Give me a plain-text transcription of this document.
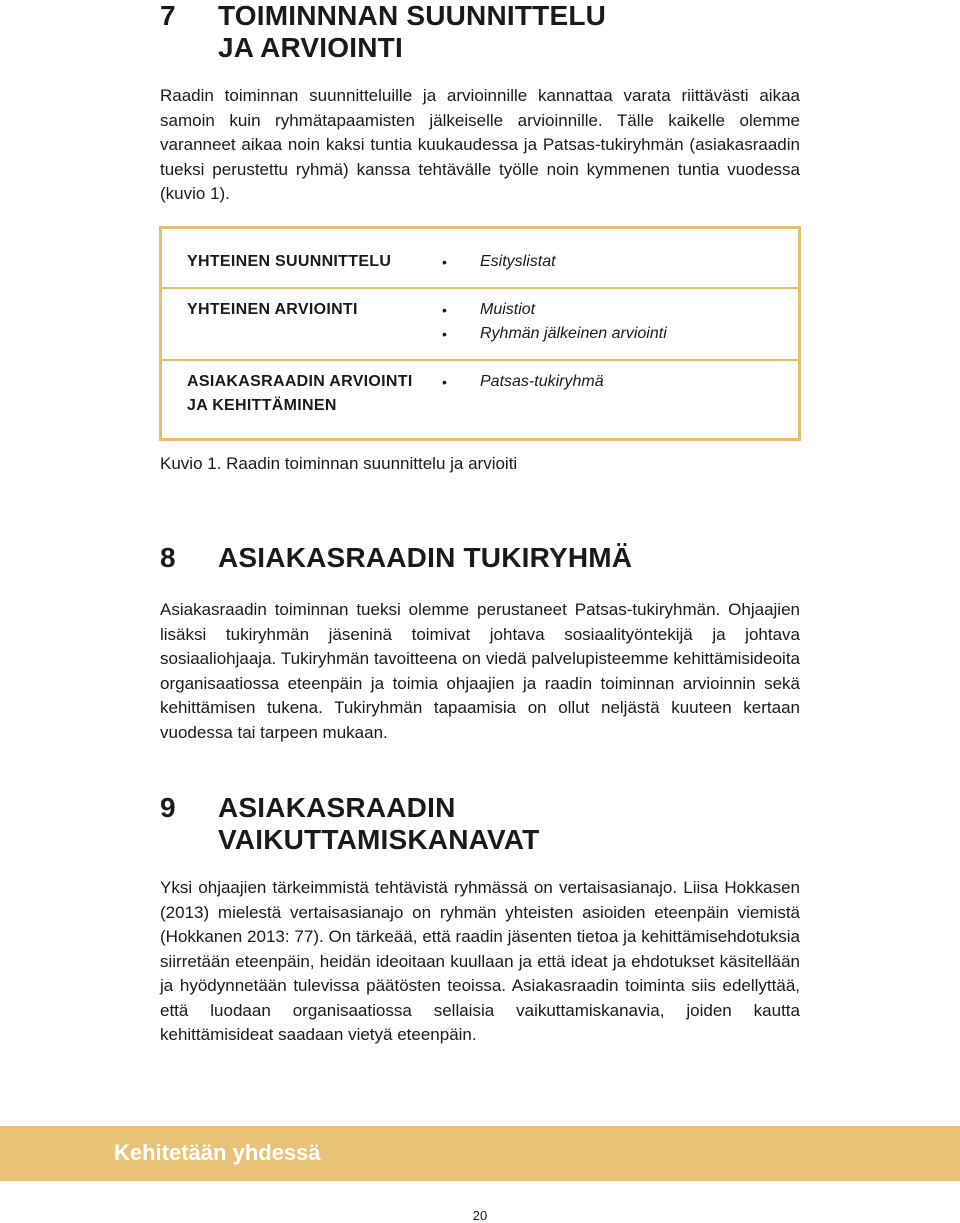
7 TOIMINNNAN SUUNNITTELU
JA ARVIOINTI

Raadin toiminnan suunnitteluille ja arvioinnille kannattaa varata riittävästi aikaa samoin kuin ryhmätapaamisten jälkeiselle arvioinnille. Tälle kaikelle olemme varanneet aikaa noin kaksi tuntia kuukaudessa ja Patsas-tukiryhmän (asiakasraadin tueksi perustettu ryhmä) kanssa tehtävälle työlle noin kymmenen tuntia vuodessa (kuvio 1).

YHTEINEN SUUNNITTELU	• Esityslistat
YHTEINEN ARVIOINTI	• Muistiot
• Ryhmän jälkeinen arviointi
ASIAKASRAADIN ARVIOINTI
JA KEHITTÄMINEN
• Patsas-tukiryhmä

Kuvio 1. Raadin toiminnan suunnittelu ja arvioiti

8 ASIAKASRAADIN TUKIRYHMÄ

Asiakasraadin toiminnan tueksi olemme perustaneet Patsas-tukiryhmän. Ohjaajien lisäksi tukiryhmän jäseninä toimivat johtava sosiaalityöntekijä ja johtava sosiaaliohjaaja. Tukiryhmän tavoitteena on viedä palvelupisteemme kehittämisideoita organisaatiossa eteenpäin ja toimia ohjaajien ja raadin toiminnan arvioinnin sekä kehittämisen tukena. Tukiryhmän tapaamisia on ollut neljästä kuuteen kertaan vuodessa tai tarpeen mukaan.

9 ASIAKASRAADIN
VAIKUTTAMISKANAVAT

Yksi ohjaajien tärkeimmistä tehtävistä ryhmässä on vertaisasianajo. Liisa Hokkasen (2013) mielestä vertaisasianajo on ryhmän yhteisten asioiden eteenpäin viemistä (Hokkanen 2013: 77). On tärkeää, että raadin jäsenten tietoa ja kehittämisehdotuksia siirretään eteenpäin, heidän ideoitaan kuullaan ja että ideat ja ehdotukset käsitellään ja hyödynnetään tulevissa päätösten teoissa. Asiakasraadin toiminta siis edellyttää, että luodaan organisaatiossa sellaisia vaikuttamiskanavia, joiden kautta kehittämisideat saadaan vietyä eteenpäin.

Kehitetään yhdessä

20
